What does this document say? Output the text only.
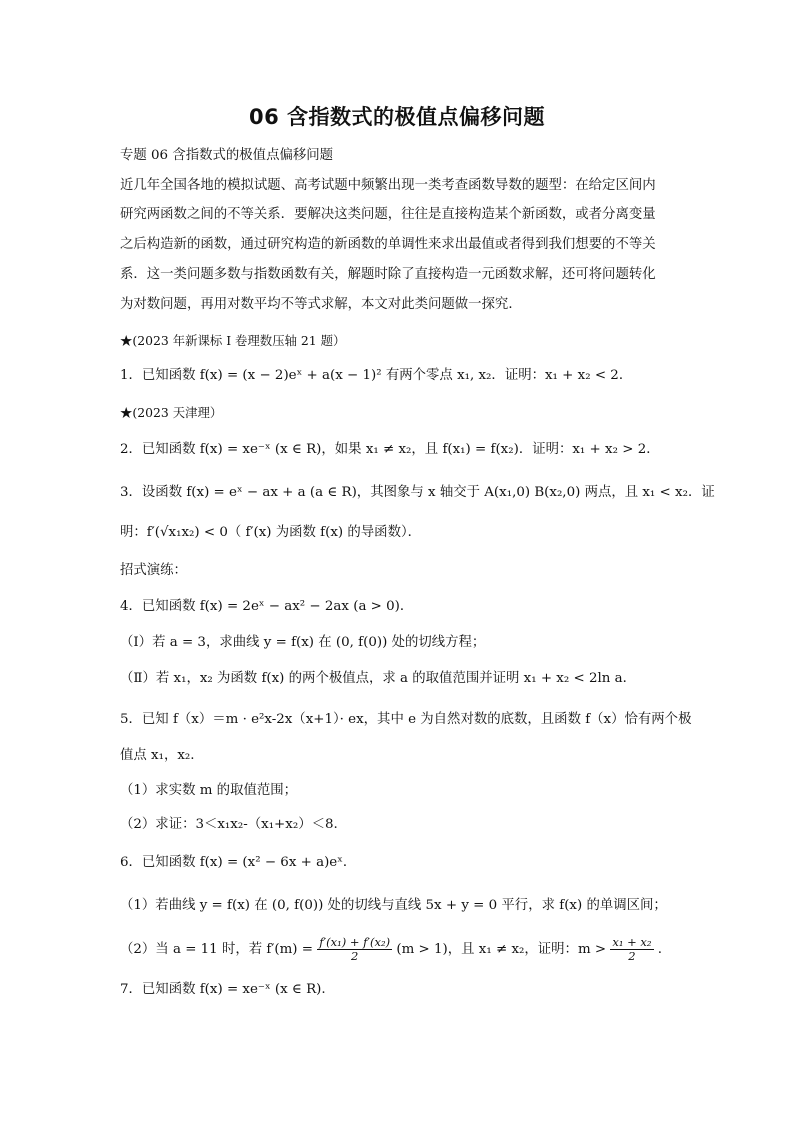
06 含指数式的极值点偏移问题
专题 06 含指数式的极值点偏移问题
近几年全国各地的模拟试题、高考试题中频繁出现一类考查函数导数的题型：在给定区间内
研究两函数之间的不等关系．要解决这类问题，往往是直接构造某个新函数，或者分离变量
之后构造新的函数，通过研究构造的新函数的单调性来求出最值或者得到我们想要的不等关
系．这一类问题多数与指数函数有关，解题时除了直接构造一元函数求解，还可将问题转化
为对数问题，再用对数平均不等式求解，本文对此类问题做一探究．
★(2023 年新课标 I 卷理数压轴 21 题）
1．已知函数 f(x) = (x − 2)eˣ + a(x − 1)² 有两个零点 x₁, x₂．证明：x₁ + x₂ < 2．
★(2023 天津理）
2．已知函数 f(x) = xe⁻ˣ (x ∈ R)，如果 x₁ ≠ x₂，且 f(x₁) = f(x₂)．证明：x₁ + x₂ > 2．
3．设函数 f(x) = eˣ − ax + a (a ∈ R)，其图象与 x 轴交于 A(x₁,0) B(x₂,0) 两点，且 x₁ < x₂．证
明：f′(√x₁x₂) < 0（ f′(x) 为函数 f(x) 的导函数）．
招式演练：
4．已知函数 f(x) = 2eˣ − ax² − 2ax (a > 0)．
（Ⅰ）若 a = 3，求曲线 y = f(x) 在 (0, f(0)) 处的切线方程；
（Ⅱ）若 x₁，x₂ 为函数 f(x) 的两个极值点，求 a 的取值范围并证明 x₁ + x₂ < 2ln a．
5．已知 f（x）＝m · e²x-2x（x+1）· ex，其中 e 为自然对数的底数，且函数 f（x）恰有两个极
值点 x₁，x₂.
（1）求实数 m 的取值范围；
（2）求证：3＜x₁x₂-（x₁+x₂）＜8.
6．已知函数 f(x) = (x² − 6x + a)eˣ．
（1）若曲线 y = f(x) 在 (0, f(0)) 处的切线与直线 5x + y = 0 平行，求 f(x) 的单调区间；
（2）当 a = 11 时，若 $f'(m) = \frac{\text{f′(x₁) + f′(x₂)}}{2} (m > 1)$，且 x₁ ≠ x₂，证明：$m > \frac{\text{x₁ + x₂}}{2}$ .
7．已知函数 f(x) = xe⁻ˣ (x ∈ R).
